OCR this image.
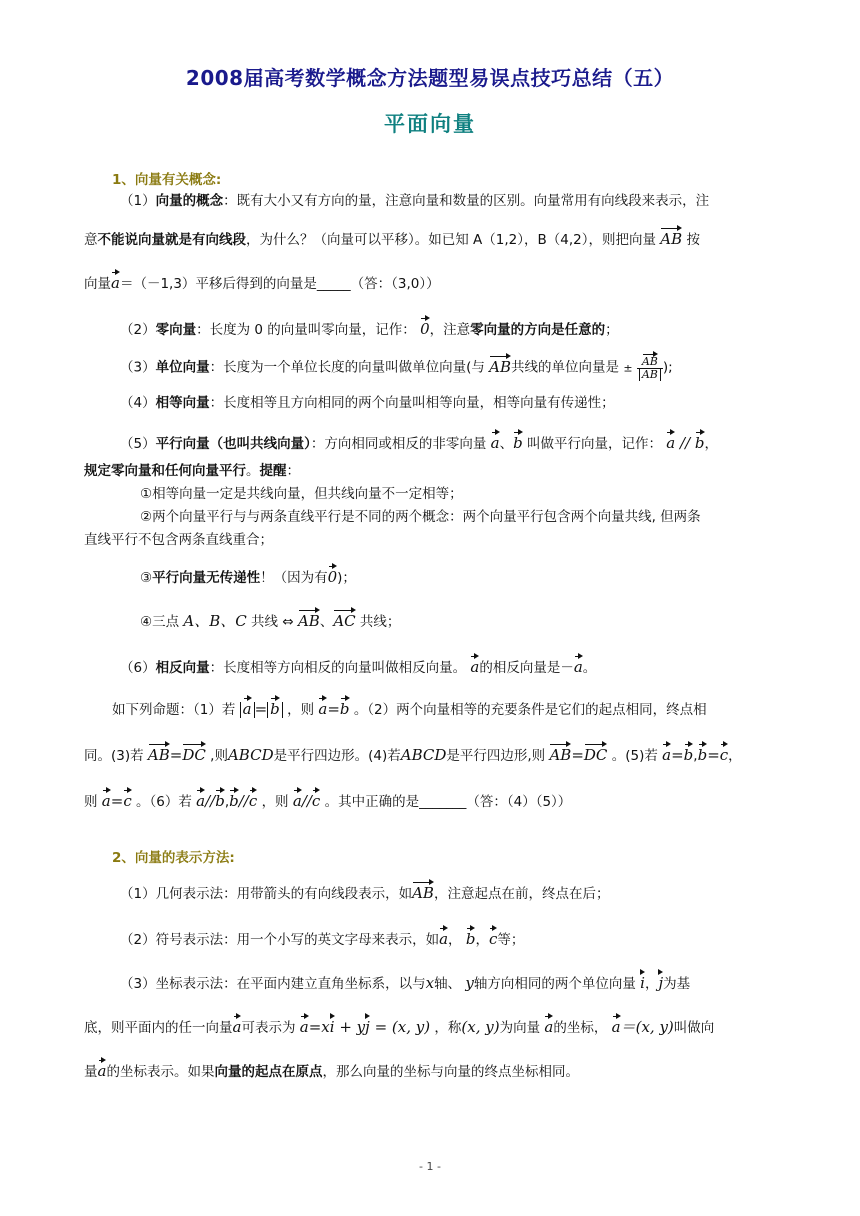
2008届高考数学概念方法题型易误点技巧总结（五）
平面向量
1、向量有关概念:
（1）向量的概念：既有大小又有方向的量，注意向量和数量的区别。向量常用有向线段来表示，注
意不能说向量就是有向线段，为什么？（向量可以平移）。如已知 A（1,2），B（4,2），则把向量 AB 按
向量a＝（－1,3）平移后得到的向量是_____（答：（3,0））
（2）零向量：长度为 0 的向量叫零向量，记作： 0，注意零向量的方向是任意的；
（3）单位向量：长度为一个单位长度的向量叫做单位向量(与 AB共线的单位向量是 ± $\frac{AB}{AB}$ );
（4）相等向量：长度相等且方向相同的两个向量叫相等向量，相等向量有传递性；
（5）平行向量（也叫共线向量）：方向相同或相反的非零向量 a、b 叫做平行向量，记作： a // b，
规定零向量和任何向量平行。提醒：
①相等向量一定是共线向量，但共线向量不一定相等；
②两个向量平行与与两条直线平行是不同的两个概念：两个向量平行包含两个向量共线, 但两条
直线平行不包含两条直线重合；
③平行向量无传递性！（因为有0)；
④三点 A、B、C 共线 ⇔ AB、AC 共线；
（6）相反向量：长度相等方向相反的向量叫做相反向量。 a的相反向量是－a。
如下列命题：（1）若 a = b ，则 a=b 。（2）两个向量相等的充要条件是它们的起点相同，终点相
同。(3)若 AB=DC ,则ABCD是平行四边形。(4)若ABCD是平行四边形,则 AB=DC 。(5)若 a=b,b=c，
则 a=c 。（6）若 a//b,b//c ，则 a//c 。其中正确的是_______（答：（4）（5））
2、向量的表示方法:
（1）几何表示法：用带箭头的有向线段表示，如AB，注意起点在前，终点在后；
（2）符号表示法：用一个小写的英文字母来表示，如a， b，c等；
（3）坐标表示法：在平面内建立直角坐标系，以与x轴、 y轴方向相同的两个单位向量 i，j为基
底，则平面内的任一向量a可表示为 a=xi + yj = (x, y) ，称(x, y)为向量 a的坐标， a＝(x, y)叫做向
量a的坐标表示。如果向量的起点在原点，那么向量的坐标与向量的终点坐标相同。
- 1 -
